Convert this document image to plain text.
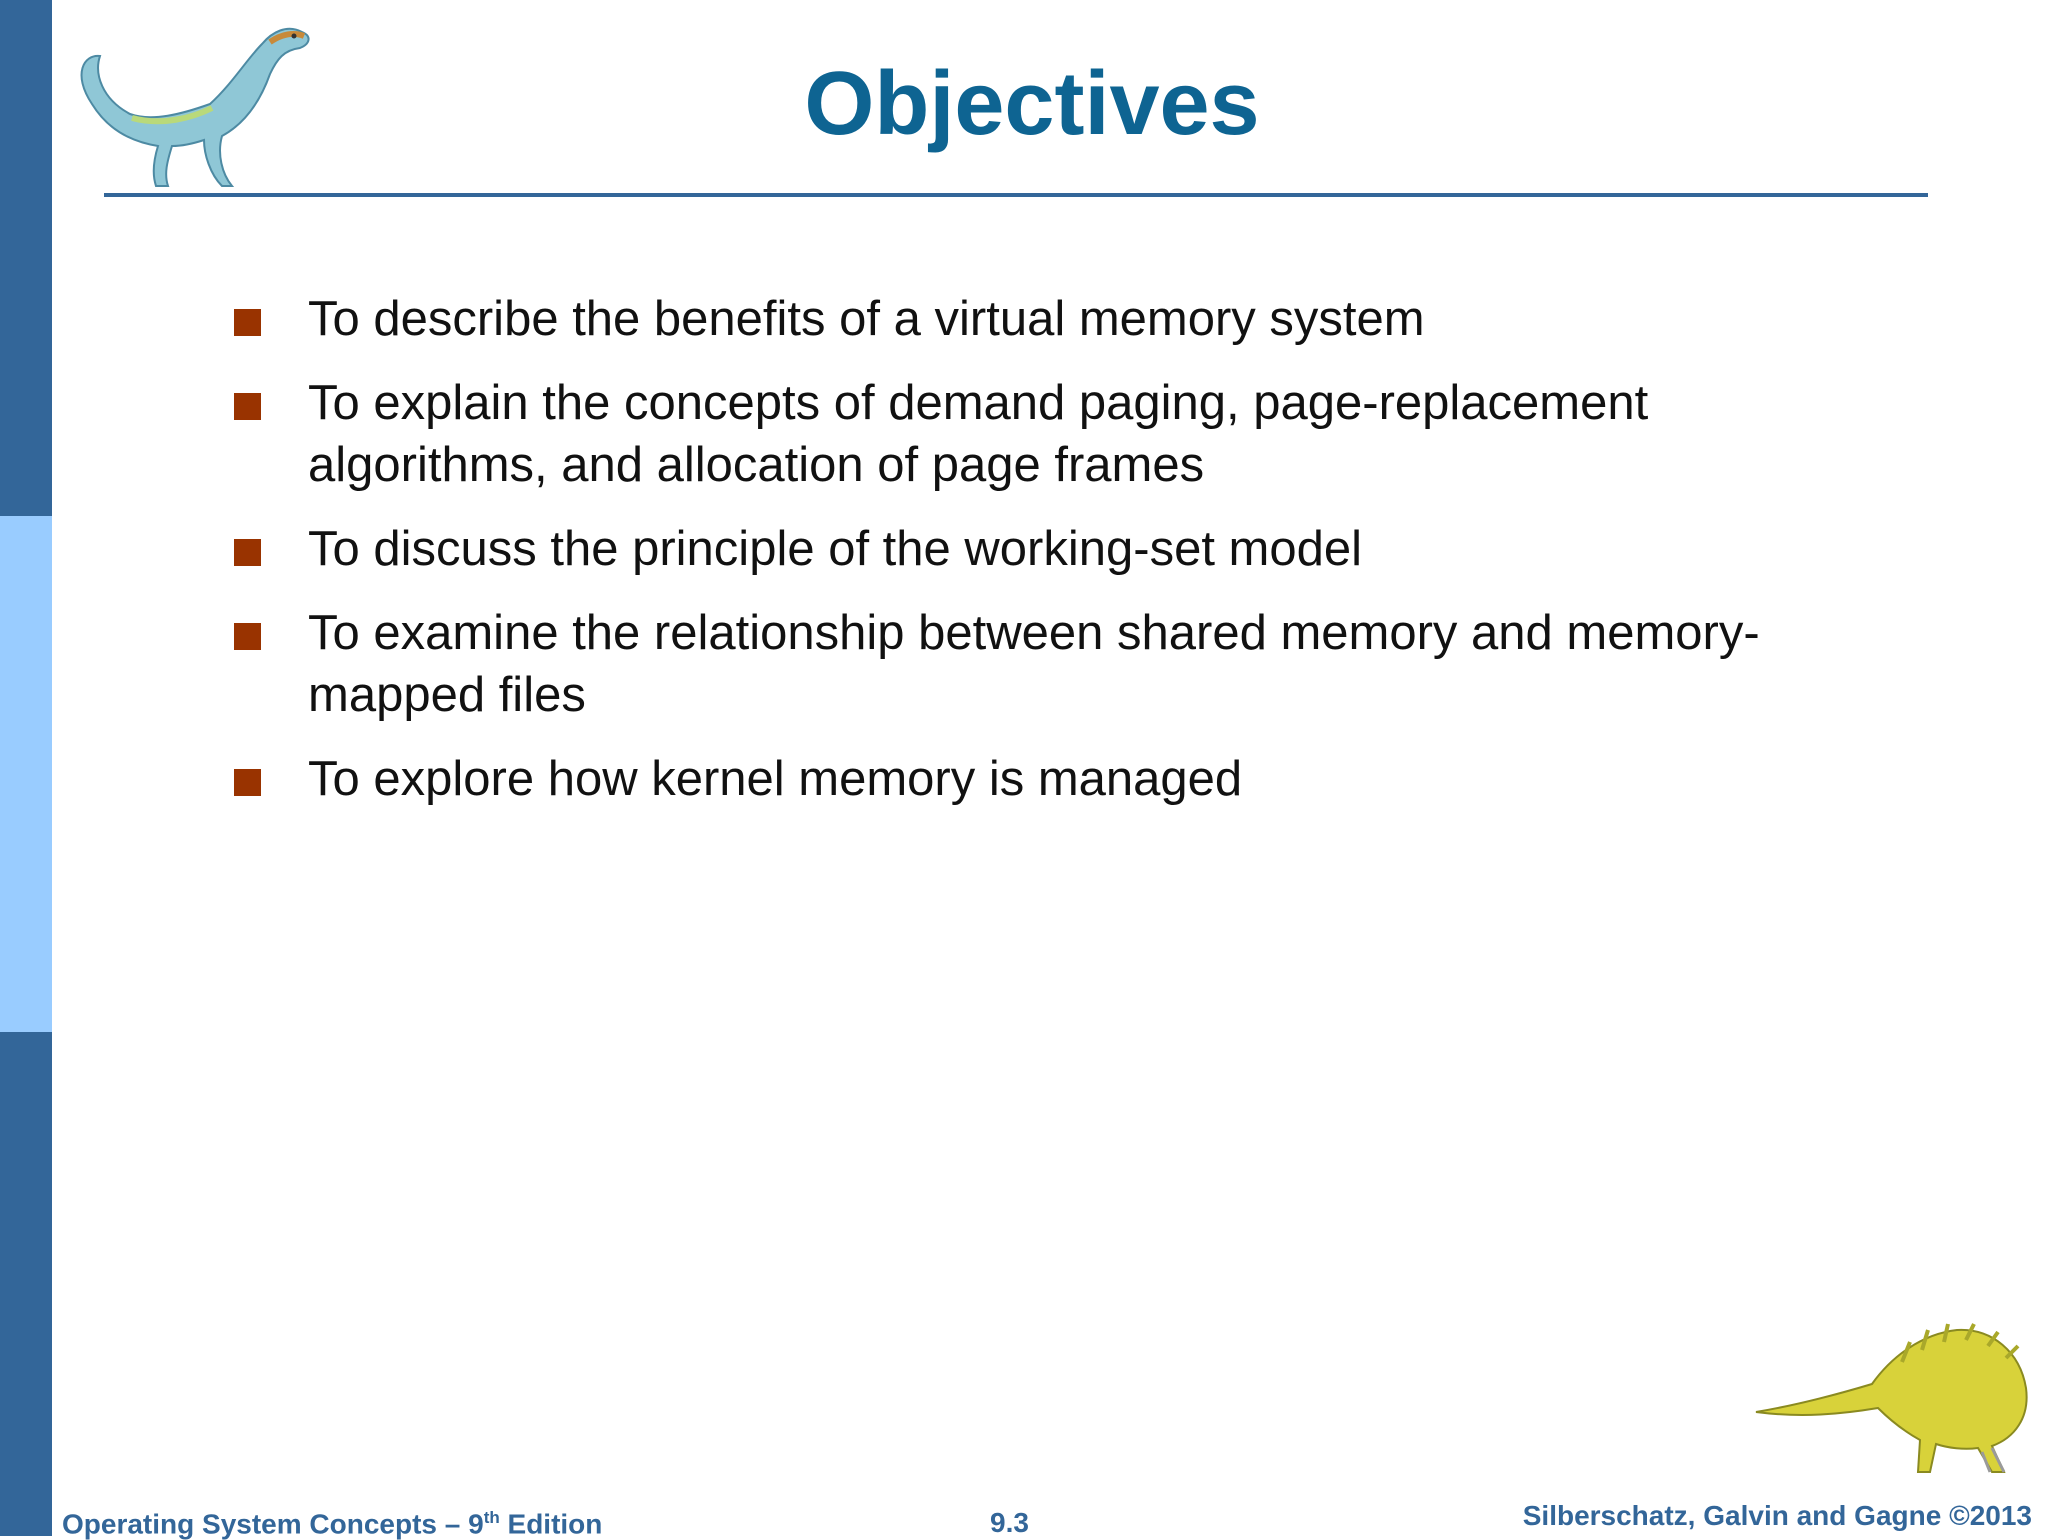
Objectives
To describe the benefits of a virtual memory system
To explain the concepts of demand paging, page-replacement algorithms, and allocation of page frames
To discuss the principle of the working-set model
To examine the relationship between shared memory and memory-mapped files
To explore how kernel memory is managed
Operating System Concepts – 9th Edition	9.3	Silberschatz, Galvin and Gagne ©2013
